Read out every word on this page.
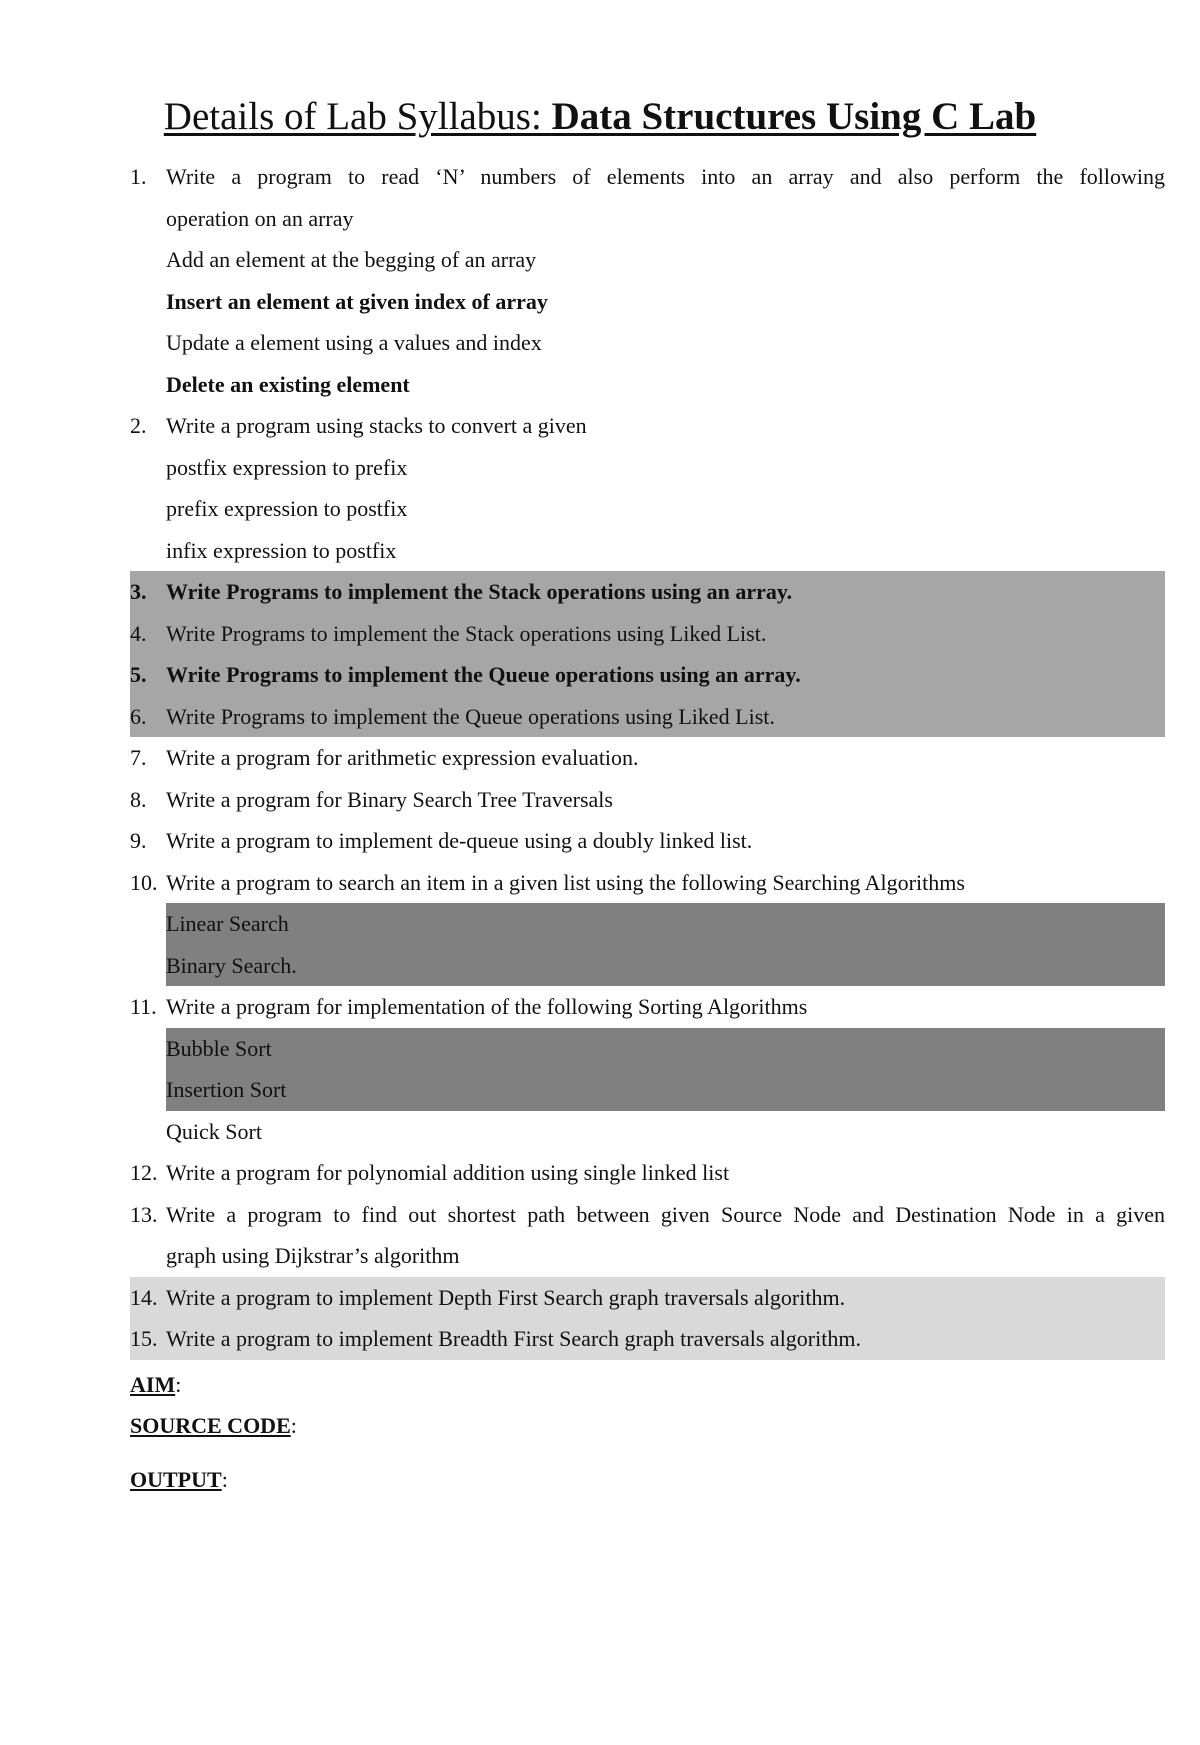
Details of Lab Syllabus: Data Structures Using C Lab
1. Write a program to read ‘N’ numbers of elements into an array and also perform the following
operation on an array
Add an element at the begging of an array
Insert an element at given index of array
Update a element using a values and index
Delete an existing element
2. Write a program using stacks to convert a given
postfix expression to prefix
prefix expression to postfix
infix expression to postfix
3. Write Programs to implement the Stack operations using an array.
4. Write Programs to implement the Stack operations using Liked List.
5. Write Programs to implement the Queue operations using an array.
6. Write Programs to implement the Queue operations using Liked List.
7. Write a program for arithmetic expression evaluation.
8. Write a program for Binary Search Tree Traversals
9. Write a program to implement de-queue using a doubly linked list.
10. Write a program to search an item in a given list using the following Searching Algorithms
Linear Search
Binary Search.
11. Write a program for implementation of the following Sorting Algorithms
Bubble Sort
Insertion Sort
Quick Sort
12. Write a program for polynomial addition using single linked list
13. Write a program to find out shortest path between given Source Node and Destination Node in a given
graph using Dijkstrar’s algorithm
14. Write a program to implement Depth First Search graph traversals algorithm.
15. Write a program to implement Breadth First Search graph traversals algorithm.
AIM:
SOURCE CODE:
OUTPUT:
